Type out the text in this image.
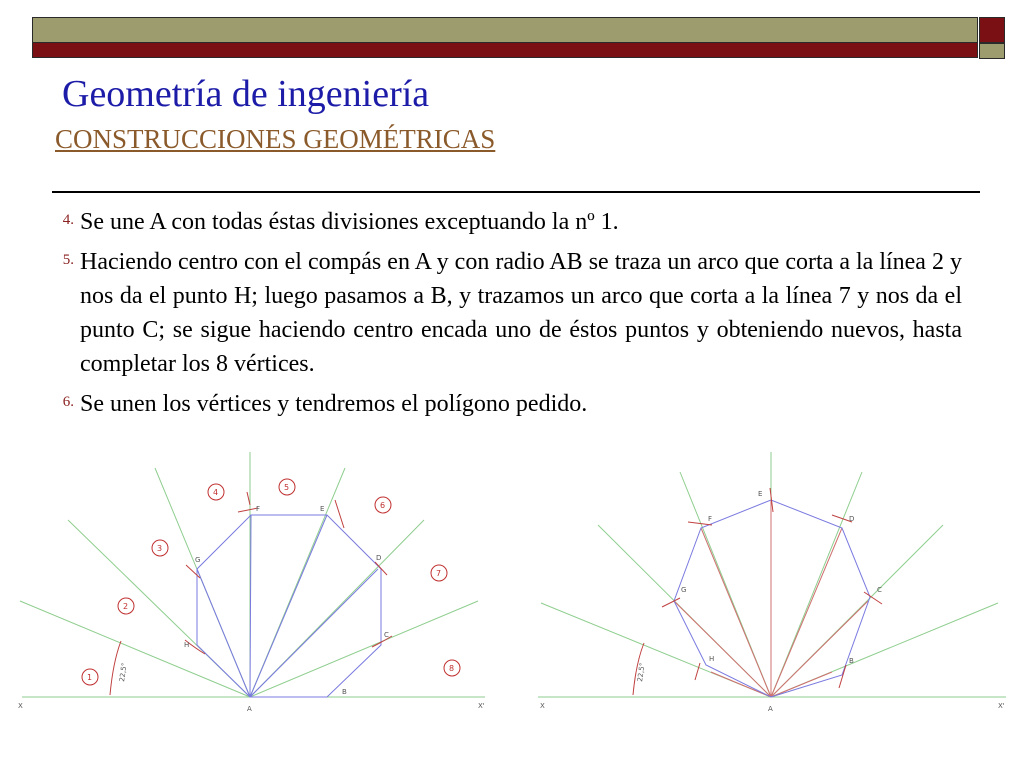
Geometría de ingeniería
CONSTRUCCIONES GEOMÉTRICAS
4. Se une A con todas éstas divisiones exceptuando la nº 1.
5. Haciendo centro con el compás en A y con radio AB se traza un arco que corta a la línea 2 y nos da el punto H; luego pasamos a B, y trazamos un arco que corta a la línea 7 y nos da el punto C; se sigue haciendo centro encada uno de éstos puntos y obteniendo nuevos, hasta completar los 8 vértices.
6. Se unen los vértices y tendremos el polígono pedido.
X	X'
22,5°
1
2
3
4
5
6
7
8
A
B
C
D
E
F
G
H
X	X'
22,5°
A
B
C
D
E
F
G
H
